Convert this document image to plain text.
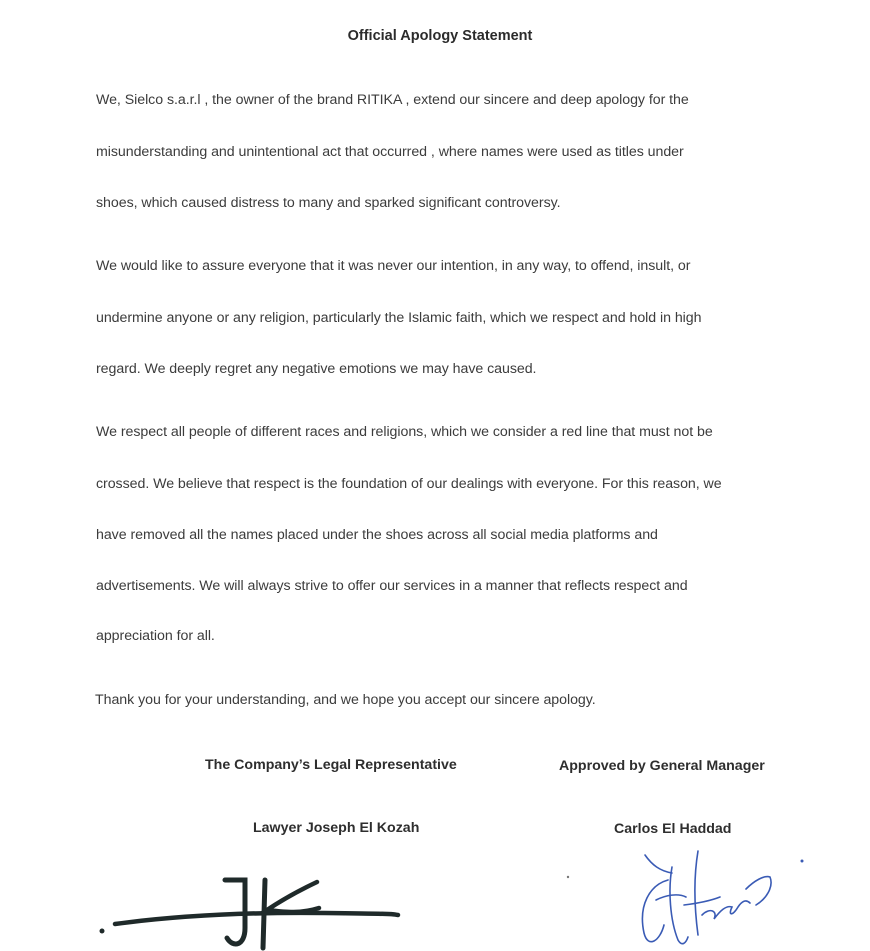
Official Apology Statement
We, Sielco s.a.r.l , the owner of the brand RITIKA , extend our sincere and deep apology for the
misunderstanding and unintentional act that occurred , where names were used as titles under
shoes, which caused distress to many and sparked significant controversy.
We would like to assure everyone that it was never our intention, in any way, to offend, insult, or
undermine anyone or any religion, particularly the Islamic faith, which we respect and hold in high
regard. We deeply regret any negative emotions we may have caused.
We respect all people of different races and religions, which we consider a red line that must not be
crossed. We believe that respect is the foundation of our dealings with everyone. For this reason, we
have removed all the names placed under the shoes across all social media platforms and
advertisements. We will always strive to offer our services in a manner that reflects respect and
appreciation for all.
Thank you for your understanding, and we hope you accept our sincere apology.
The Company’s Legal Representative	Approved by General Manager
Lawyer Joseph El Kozah	Carlos El Haddad
